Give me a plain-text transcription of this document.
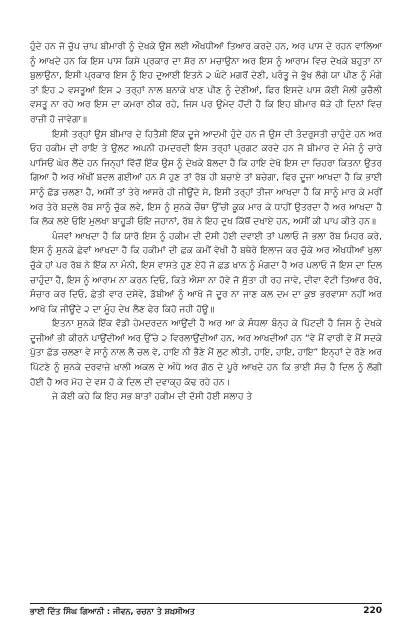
ਹੁੰਦੇ ਹਨ ਜੋ ਚੁੱਪ ਚਾਪ ਬੀਮਾਰੀ ਨੂੰ ਦੇਖਕੇ ਉਸ ਲਈ ਔਖਧੀਆਂ ਤਿਆਰ ਕਰਦੇ ਹਨ, ਅਰ ਪਾਸ ਦੇ ਰਹਨ ਵਾਲਿਆ ਨੂੰ ਆਖਦੇ ਹਨ ਕਿ ਇਸ ਪਾਸ ਕਿਸੇ ਪ੍ਰਕਾਰ ਦਾ ਸ਼ੋਰ ਨਾ ਮਚਾਉਨਾ ਅਰ ਇਸ ਨੂੰ ਆਰਾਮ ਵਿਚ ਦੇਖਕੇ ਬਹੁਤਾ ਨਾ ਬੁਲਾਉਨਾ, ਇਸੀ ਪ੍ਰਕਾਰ ਇਸ ਨੂੰ ਇਹ ਦੁਆਈ ਇਤਨੇ ੨ ਘੰਟੇ ਮਗਰੋਂ ਦੇਣੀ, ਪਰੰਤੂ ਜੇ ਭੁੱਖ ਲੱਗੇ ਯਾ ਪੀਣ ਨੂੰ ਮੰਗੇ ਤਾਂ ਇਹ ੨ ਵਸਤੂਆਂ ਇਸ ੨ ਤਰ੍ਹਾਂ ਨਾਲ ਬਨਾਕੇ ਖਾਣ ਪੀਣ ਨੂੰ ਦੇਣੀਆਂ, ਫਿਰ ਇਸਦੇ ਪਾਸ ਕੋਈ ਮੈਲੀ ਕੁਚੈਲੀ ਵਸਤੂ ਨਾ ਰਹੇ ਅਰ ਇਸ ਦਾ ਕਮਰਾ ਠੀਕ ਰਹੇ, ਜਿਸ ਪਰ ਉਮੇਦ ਹੋਂਦੀ ਹੈ ਕਿ ਇਹ ਬੀਮਾਰ ਥੋੜੇ ਹੀ ਦਿਨਾਂ ਵਿਚ ਰਾਜ਼ੀ ਹੋ ਜਾਵੇਗਾ॥

ਇਸੀ ਤਰ੍ਹਾਂ ਉਸ ਬੀਮਾਰ ਦੇ ਹਿਤੈਸ਼ੀ ਇੱਕ ਦੂਜੇ ਆਦਮੀ ਹੁੰਦੇ ਹਨ ਜੋ ਉਸ ਦੀ ਤੰਦਰੁਸਤੀ ਚਾਹੁੰਦੇ ਹਨ ਅਰ ਓਹ ਹਕੀਮ ਦੀ ਰਾਇ ਤੇ ਉਲਟ ਅਪਨੀ ਹਮਦਰਦੀ ਇਸ ਤਰ੍ਹਾਂ ਪ੍ਰਗਟ ਕਰਦੇ ਹਨ ਜੋ ਬੀਮਾਰ ਦੇ ਮੰਜੇ ਨੂੰ ਚਾਰੇ ਪਾਸਿਓਂ ਘੇਰ ਲੈਂਦੇ ਹਨ ਜਿਨ੍ਹਾਂ ਵਿੱਚੋਂ ਇੱਕ ਉਸ ਨੂੰ ਦੇਖਕੇ ਬੋਲਦਾ ਹੈ ਕਿ ਹਾਇ ਦੇਖੋ ਇਸ ਦਾ ਚਿਹਰਾ ਕਿਤਨਾ ਉਤਰ ਗਿਆ ਹੈ ਅਰ ਅੱਖੀਂ ਬਦਲ ਗਈਆਂ ਹਨ ਸੋ ਹੁਣ ਤਾਂ ਰੱਬ ਹੀ ਬਚਾਏ ਤਾਂ ਬਚੇਗਾ, ਫਿਰ ਦੂਜਾ ਆਖਦਾ ਹੈ ਕਿ ਭਾਈ ਸਾਨੂੰ ਛੱਡ ਚਲਣਾ ਹੈ, ਅਸੀਂ ਤਾਂ ਤੇਰੇ ਆਸਰੇ ਹੀ ਜੀਊਂਦੇ ਸੇ, ਇਸੀ ਤਰ੍ਹਾਂ ਤੀਜਾ ਆਖਦਾ ਹੈ ਕਿ ਸਾਨੂੰ ਮਾਰ ਕੇ ਮਰੀਂ ਅਰ ਤੇਰੇ ਬਦਲੇ ਰੱਬ ਸਾਨੂੰ ਚੁੱਕ ਲਵੇ, ਇਸ ਨੂੰ ਸੁਨਕੇ ਚੌਥਾ ਉੱਚੀ ਕੂਕ ਮਾਰ ਕੇ ਧਾਹੀਂ ਉਤਰਦਾ ਹੈ ਅਰ ਆਖਦਾ ਹੈ ਕਿ ਲੋਕ ਲਏ ਓਇ ਮੁਲਖਾ ਬਾਹੂੜੀ ਓਇ ਜਹਾਨਾਂ, ਰੱਬ ਨੇ ਇਹ ਦੁਖ ਕਿੱਥੋਂ ਦਖਾਏ ਹਨ, ਅਸੀਂ ਕੀ ਪਾਪ ਕੀਤੇ ਹਨ॥

ਪੰਜਵਾਂ ਆਖਦਾ ਹੈ ਕਿ ਯਾਰੋ ਇਸ ਨੂੰ ਹਕੀਮ ਦੀ ਦੱਸੀ ਹੋਈ ਦਵਾਈ ਤਾਂ ਪਲਾਓ ਜੋ ਭਲਾ ਰੱਬ ਮਿਹਰ ਕਰੇ, ਇਸ ਨੂੰ ਸੁਨਕੇ ਛੇਵਾਂ ਆਖਦਾ ਹੈ ਕਿ ਹਕੀਮਾਂ ਦੀ ਛਕ ਕਮੀਂ ਵੇਖੀ ਹੈ ਬਥੇਰੇ ਇਲਾਜ ਕਰ ਚੁੱਕੇ ਅਰ ਔਖਧੀਆਂ ਖੁਲਾ ਚੁੱਕੇ ਹਾਂ ਪਰ ਰੱਬ ਨੇ ਇੱਕ ਨਾ ਮੰਨੀ, ਇਸ ਵਾਸਤੇ ਹੁਣ ਏਹੋ ਜੋ ਛਡ ਖਾਨ ਨੂੰ ਮੰਗਦਾ ਹੈ ਅਰ ਪਲਾਓ ਜੋ ਇਸ ਦਾ ਦਿਲ ਚਾਹੁੰਦਾ ਹੈ, ਇਸ ਨੂੰ ਆਰਾਮ ਨਾ ਕਰਨ ਦਿਓ, ਕਿਤੇ ਐਸਾ ਨਾ ਹੋਵੇ ਜੋ ਸੁੱਤਾ ਹੀ ਰਹ ਜਾਵੇ, ਦੀਵਾ ਵੱਟੀ ਤਿਆਰ ਰੱਖੋ, ਸੰਚਾਰ ਕਰ ਦਿਓ, ਛੇਤੀ ਵਾਰ ਦਸੇਵੇ, ਡੱਬੀਆਂ ਨੂੰ ਆਖੋ ਜੋ ਦੂਰ ਨਾ ਜਾਣ ਕਲ ਦਮ ਦਾ ਕੁਝ ਭਰਵਾਸਾ ਨਹੀਂ ਅਰ ਆਖੋ ਕਿ ਜੀਊਂਦੇ ੨ ਦਾ ਮੂੰਹ ਦੇਖ ਲੈਣ ਫੇਰ ਕਿਹੋ ਜਹੀ ਹੋਊ॥

ਇਤਨਾ ਸੁਨਕੇ ਇੱਕ ਵੱਡੀ ਹੇਮਦਰਦਨ ਆਉਂਦੀ ਹੈ ਅਰ ਆ ਕੇ ਸੰਧਲਾ ਬੰਨ੍ਹ ਕੇ ਪਿੱਟਦੀ ਹੈ ਜਿਸ ਨੂੰ ਦੇਖਕੇ ਦੂਜੀਆਂ ਭੀ ਕੀਰਨੇ ਪਾਉਂਦੀਆਂ ਅਰ ਉੱਚੇ ੨ ਵਿਰਲਾਉਂਦੀਆਂ ਹਨ, ਅਰ ਆਖਦੀਆਂ ਹਨ “ਵੇ ਮੈਂ ਵਾਰੀ ਵੇ ਮੈਂ ਸਦਕੇ ਪੁੱਤਾ ਛੱਡ ਚਲਣਾ ਵੇ ਸਾਨੂੰ ਨਾਲ ਲੈ ਚਲ ਵੇ, ਹਾਇ ਨੀ ਭੈਣੇ ਮੈਂ ਲੁਟ ਲੀਤੀ, ਹਾਇ, ਹਾਇ, ਹਾਇ” ਇਨ੍ਹਾਂ ਦੇ ਰੋਣੇ ਅਰ ਪਿੱਟਣੇ ਨੂੰ ਸੁਨਕੇ ਦਰਵਾਜ਼ੇ ਖਾਲੀ ਅਕਲ ਦੇ ਅੰਧੇ ਅਰ ਗੱਠ ਦੇ ਪੂਰੇ ਆਖਦੇ ਹਨ ਕਿ ਭਾਈ ਸੱਚ ਹੈ ਦਿਲ ਨੂੰ ਲੱਗੀ ਹੋਈ ਹੈ ਅਰ ਮੋਹ ਦੇ ਵਸ ਹੋ ਕੇ ਦਿਲ ਦੀ ਦਵਾਕ੍ਹ ਕੱਢ ਰਹੇ ਹਨ।

ਜੇ ਕੋਈ ਕਹੇ ਕਿ ਇਹ ਸਭ ਬਾਤਾਂ ਹਕੀਮ ਦੀ ਦੱਸੀ ਹੋਈ ਸਲਾਹ ਤੇ

ਭਾਈ ਦਿੱਤ ਸਿੰਘ ਗਿਆਨੀ : ਜੀਵਨ, ਰਚਨਾ ਤੇ ਸ਼ਖ਼ਸੀਅਤ	220
